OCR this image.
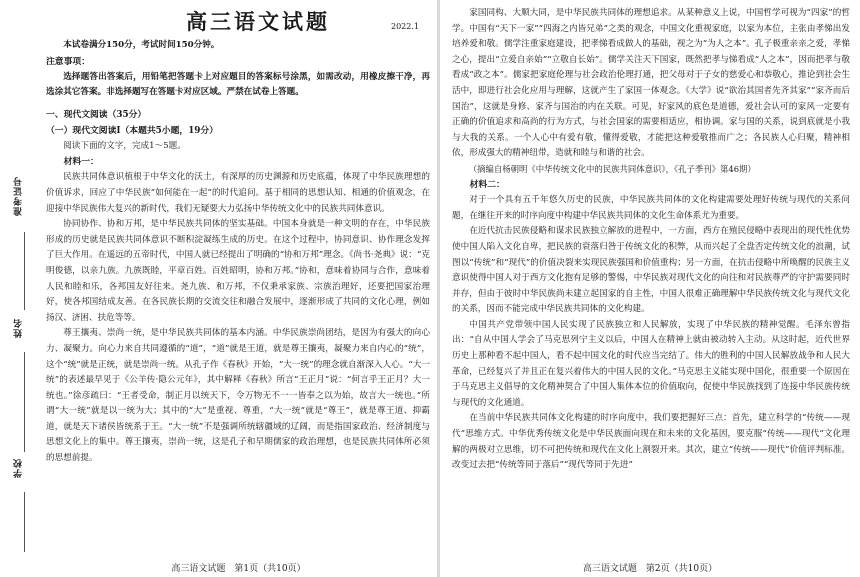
准考证号
姓名
学校
2022.1
高三语文试题
本试卷满分150分，考试时间150分钟。
注意事项：
选择题答出答案后，用铅笔把答题卡上对应题目的答案标号涂黑，如需改动，用橡皮擦干净，再选涂其它答案。非选择题写在答题卡对应区域。严禁在试卷上答题。
一、现代文阅读（35分）
（一）现代文阅读Ⅰ（本题共5小题，19分）
阅读下面的文字，完成1～5题。
材料一：
民族共同体意识植根于中华文化的沃土，有深厚的历史渊源和历史底蕴，体现了中华民族理想的价值诉求，回应了中华民族“如何能在一起”的时代追问。基于相同的思想认知、相通的价值观念，在迎接中华民族伟大复兴的新时代，我们无疑要大力弘扬中华传统文化中的民族共同体意识。
协同协作、协和万邦，是中华民族共同体的坚实基础。中国本身就是一种文明的存在，中华民族形成的历史就是民族共同体意识不断积淀凝练生成的历史。在这个过程中，协同意识、协作理念发挥了巨大作用。在遥远的五帝时代，中国人就已经提出了明确的“协和万邦”理念。《尚书·尧典》说：“克明俊德，以亲九族。九族既睦，平章百姓。百姓昭明，协和万邦。”协和，意味着协同与合作，意味着人民和睦和乐，各邦国友好往来。尧九族、和万邦，不仅秉承家族、宗族治理好，还要把国家治理好，使各邦国结成友善。在各民族长期的交流交往和融合发展中，逐渐形成了共同的文化心理，例如扬汉、济困、扶危等等。
尊王攘夷、崇尚一统，是中华民族共同体的基本内涵。中华民族崇尚团结，是因为有强大的向心力、凝聚力。向心力来自共同遵循的“道”，“道”就是王道，就是尊王攘夷，凝聚力来自内心的“统”，这个“统”就是正统，就是崇尚一统。从孔子作《春秋》开始，“大一统”的理念就自渐深入人心。“大一统”的表述最早见于《公羊传·隐公元年》，其中解释《春秋》所言“王正月”说：“何言乎王正月？大一统也。”徐彦疏曰：“王者受命，制正月以统天下，令万物无不一一皆奉之以为始，故言大一统也。”所谓“大一统”就是以一统为大；其中的“大”是重视、尊重，“大一统”就是“尊王”，就是尊王道、抑霸道，就是天下诸侯皆统系于王。“大一统”不是强调所统辖疆域的辽阔，而是指国家政治、经济制度与思想文化上的集中。尊王攘夷，崇尚一统，这是孔子和早期儒家的政治理想，也是民族共同体所必须的思想前提。
高三语文试题　第1页（共10页）
家国同构、大顺大同，是中华民族共同体的理想追求。从某种意义上说，中国哲学可视为“四家”的哲学。中国有“天下一家”“四海之内皆兄弟”之类的观念，中国文化重视家庭，以家为本位，主张由孝悌出发培养爱和敬。儒学注重家庭建设，把孝悌看成做人的基础，视之为“为人之本”。孔子极重亲亲之爱，孝悌之心，提出“立爱自亲始”“立敬自长始”。儒学关注天下国家，既然把孝与悌看成“人之本”，因而把孝与敬看成“政之本”。儒家把家庭伦理与社会政治伦理打通，把父母对于子女的慈爱心和恭敬心，推论到社会生活中，即进行社会化应用与理解，这就产生了家国一体观念。《大学》说“欲治其国者先齐其家”“家齐而后国治”，这就是身修、家齐与国治的内在关联。可见，好家风的底色是道德，爱社会认可的家风一定要有正确的价值追求和高尚的行为方式，与社会国家的需要相适应，相协调。家与国的关系，说到底就是小我与大我的关系。一个人心中有爱有敬，懂得爱敬，才能把这种爱敬推而广之；各民族人心归聚，精神相依，形成强大的精神纽带，造就和睦与和谐的社会。
（摘编自杨朝明《中华传统文化中的民族共同体意识》，《孔子季刊》第46期）
材料二：
对于一个具有五千年悠久历史的民族，中华民族共同体的文化构建需要处理好传统与现代的关系问题，在继往开来的时序向度中构建中华民族共同体的文化生命体系尤为重要。
在近代抗击民族侵略和谋求民族独立解放的进程中，一方面，西方在殖民侵略中表现出的现代性优势使中国人陷入文化自卑，把民族的衰落归咎于传统文化的积弊，从而兴起了全盘否定传统文化的浪潮，试图以“传统”和“现代”的价值决裂来实现民族强国和价值重构；另一方面，在抗击侵略中所唤醒的民族主义意识使得中国人对于西方文化抱有足够的警惕，中华民族对现代文化的向往和对民族尊严的守护需要同时并存，但由于彼时中华民族尚未建立起国家的自主性，中国人很难正确理解中华民族传统文化与现代文化的关系，因而不能完成中华民族共同体的文化构建。
中国共产党带领中国人民实现了民族独立和人民解放，实现了中华民族的精神觉醒。毛泽东曾指出：“自从中国人学会了马克思列宁主义以后，中国人在精神上就由被动转入主动。从这时起，近代世界历史上那种看不起中国人，看不起中国文化的时代应当完结了。伟大的胜利的中国人民解放战争和人民大革命，已经复兴了并且正在复兴着伟大的中国人民的文化。”马克思主义能实现中国化，很重要一个原因在于马克思主义倡导的文化精神契合了中国人集体本位的价值取向，促使中华民族找到了连接中华民族传统与现代的文化通道。
在当前中华民族共同体文化构建的时序向度中，我们要把握好三点：首先，建立科学的“传统——现代”思维方式。中华优秀传统文化是中华民族面向现在和未来的文化基因，要克服“传统——现代”文化理解的两极对立思维，切不可把传统和现代在文化上割裂开来。其次，建立“传统——现代”价值评判标准。改变过去把“传统等同于落后”“现代等同于先进”
高三语文试题　第2页（共10页）
